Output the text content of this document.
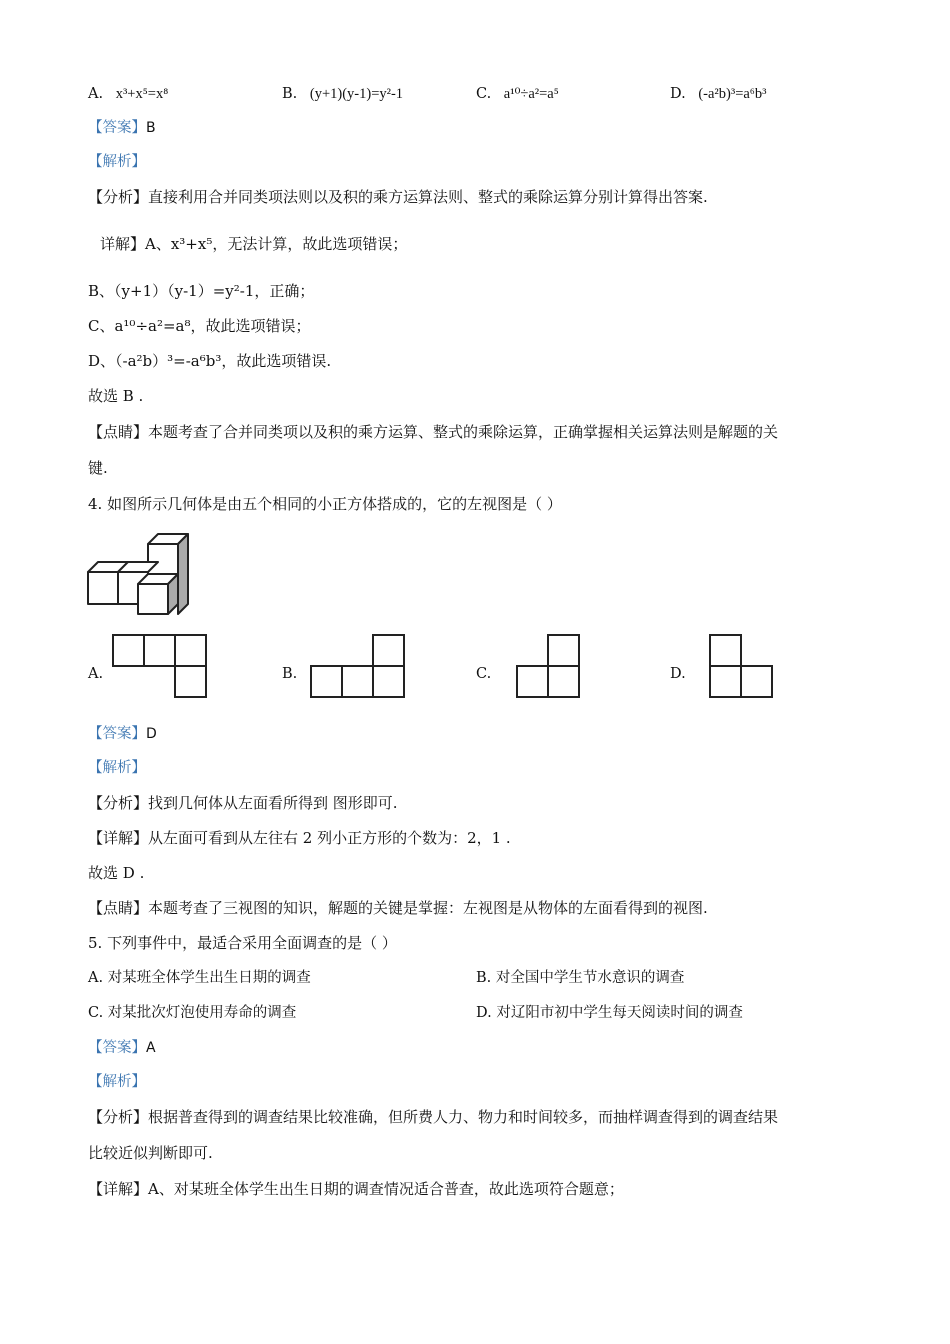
A. x³+x⁵=x⁸	B. (y+1)(y-1)=y²-1	C. a¹⁰÷a²=a⁵	D. (-a²b)³=a⁶b³
【答案】B
【解析】
【分析】直接利用合并同类项法则以及积的乘方运算法则、整式的乘除运算分别计算得出答案.
详解】A、x³+x⁵，无法计算，故此选项错误；
B、（y+1）（y-1）=y²-1，正确；
C、a¹⁰÷a²=a⁸，故此选项错误；
D、（-a²b）³=-a⁶b³，故此选项错误.
故选 B .
【点睛】本题考查了合并同类项以及积的乘方运算、整式的乘除运算，正确掌握相关运算法则是解题的关
键.
4. 如图所示几何体是由五个相同的小正方体搭成的，它的左视图是（ ）
A.	B.	C.	D.
【答案】D
【解析】
【分析】找到几何体从左面看所得到 图形即可.
【详解】从左面可看到从左往右 2 列小正方形的个数为：2，1 .
故选 D .
【点睛】本题考查了三视图的知识，解题的关键是掌握：左视图是从物体的左面看得到的视图.
5. 下列事件中，最适合采用全面调查的是（ ）
A. 对某班全体学生出生日期的调查	B. 对全国中学生节水意识的调查
C. 对某批次灯泡使用寿命的调查	D. 对辽阳市初中学生每天阅读时间的调查
【答案】A
【解析】
【分析】根据普查得到的调查结果比较准确，但所费人力、物力和时间较多，而抽样调查得到的调查结果
比较近似判断即可.
【详解】A、对某班全体学生出生日期的调查情况适合普查，故此选项符合题意；
